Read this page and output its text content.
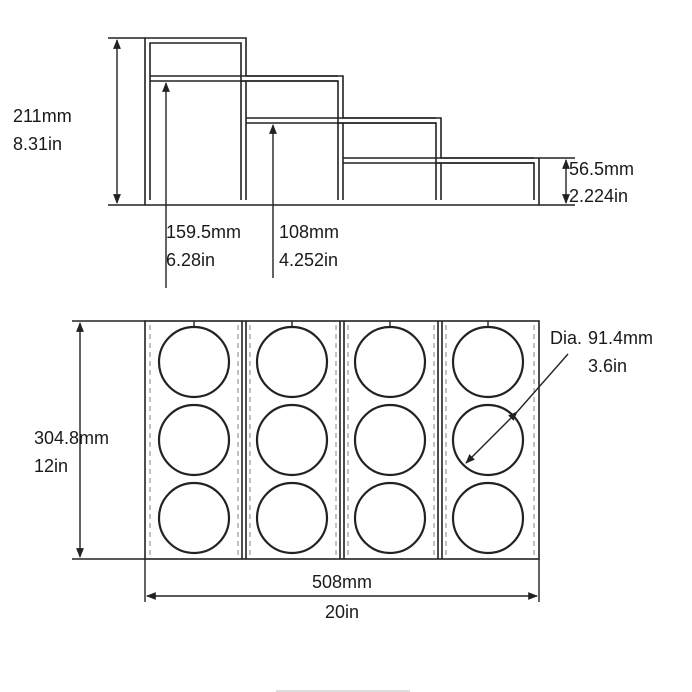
211mm
8.31in
159.5mm
6.28in
108mm
4.252in
56.5mm
2.224in
304.8mm
12in
508mm
20in
Dia. 91.4mm
3.6in
